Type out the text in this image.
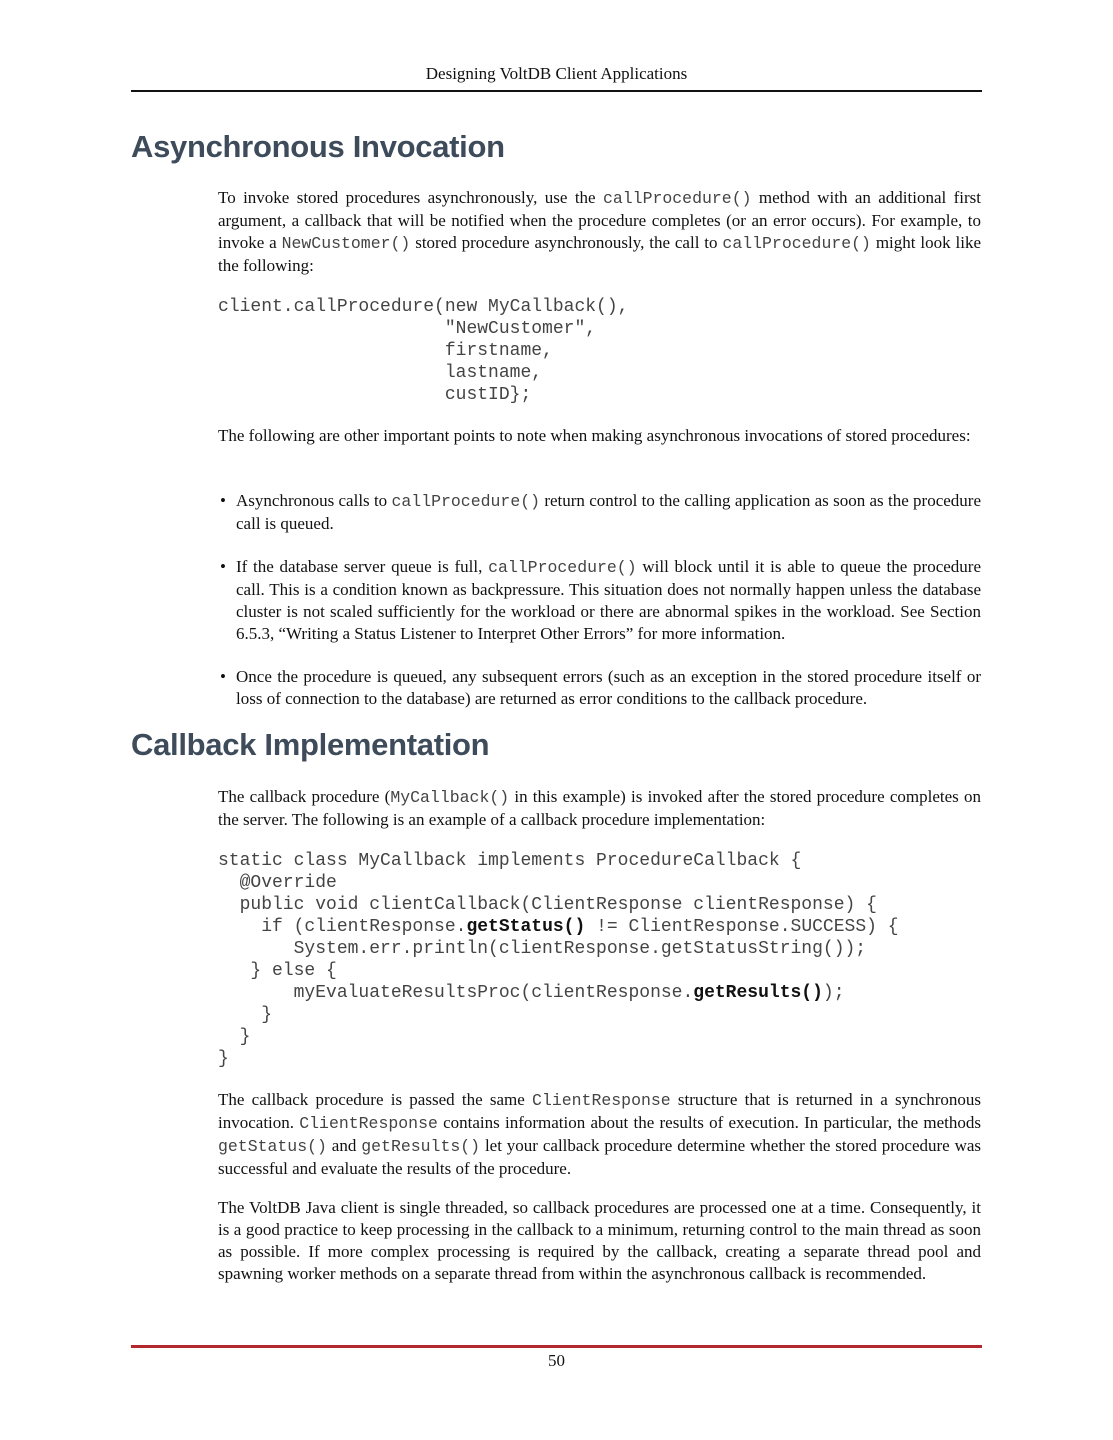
Designing VoltDB Client Applications
Asynchronous Invocation

To invoke stored procedures asynchronously, use the callProcedure() method with an additional first argument, a callback that will be notified when the procedure completes (or an error occurs). For example, to invoke a NewCustomer() stored procedure asynchronously, the call to callProcedure() might look like the following:

client.callProcedure(new MyCallback(),
"NewCustomer",
firstname,
lastname,
custID};

The following are other important points to note when making asynchronous invocations of stored procedures:

• Asynchronous calls to callProcedure() return control to the calling application as soon as the procedure call is queued.
• If the database server queue is full, callProcedure() will block until it is able to queue the procedure call. This is a condition known as backpressure. This situation does not normally happen unless the database cluster is not scaled sufficiently for the workload or there are abnormal spikes in the workload. See Section 6.5.3, “Writing a Status Listener to Interpret Other Errors” for more information.
• Once the procedure is queued, any subsequent errors (such as an exception in the stored procedure itself or loss of connection to the database) are returned as error conditions to the callback procedure.
Callback Implementation

The callback procedure (MyCallback() in this example) is invoked after the stored procedure completes on the server. The following is an example of a callback procedure implementation:

static class MyCallback implements ProcedureCallback {
@Override
public void clientCallback(ClientResponse clientResponse) {
if (clientResponse.getStatus() != ClientResponse.SUCCESS) {
System.err.println(clientResponse.getStatusString());
} else {
myEvaluateResultsProc(clientResponse.getResults());
}
}
}

The callback procedure is passed the same ClientResponse structure that is returned in a synchronous invocation. ClientResponse contains information about the results of execution. In particular, the methods getStatus() and getResults() let your callback procedure determine whether the stored procedure was successful and evaluate the results of the procedure.

The VoltDB Java client is single threaded, so callback procedures are processed one at a time. Consequently, it is a good practice to keep processing in the callback to a minimum, returning control to the main thread as soon as possible. If more complex processing is required by the callback, creating a separate thread pool and spawning worker methods on a separate thread from within the asynchronous callback is recommended.

50
